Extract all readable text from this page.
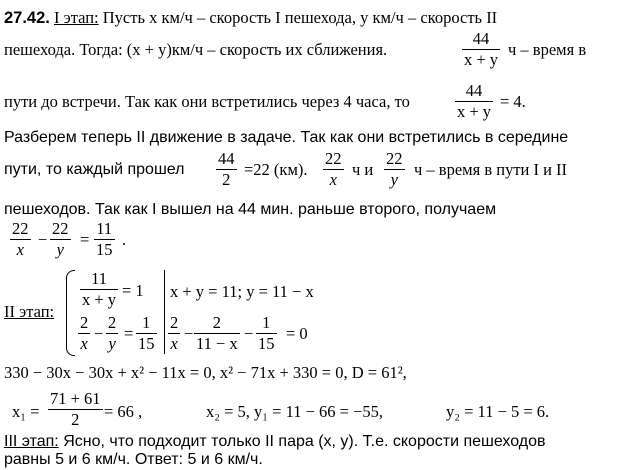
27.42. I этап: Пусть x км/ч – скорость I пешехода, y км/ч – скорость II
пешехода. Тогда: (x + y)км/ч – скорость их сближения.
44
x + y
ч – время в
пути до встречи. Так как они встретились через 4 часа, то
44
x + y
= 4.
Разберем теперь II движение в задаче. Так как они встретились в середине
пути, то каждый прошел
44
2
=22 (км).
22
x
ч и
22
y
ч – время в пути I и II
пешеходов. Так как I вышел на 44 мин. раньше второго, получаем
22
x
−
22
y
=
11
15
.
II этап:
11
x + y = 1
2
x
−
2
y
=
1
15
x + y = 11; y = 11 − x
2
x
−
2
11 − x
−
1
15
= 0
330 − 30x − 30x + x² − 11x = 0, x² − 71x + 330 = 0, D = 61²,
x₁ =
71 + 61
2	= 66 ,	x₂ = 5, y₁ = 11 − 66 = −55,	y₂ = 11 − 5 = 6.
III этап: Ясно, что подходит только II пара (x, y). Т.е. скорости пешеходов
равны 5 и 6 км/ч. Ответ: 5 и 6 км/ч.
